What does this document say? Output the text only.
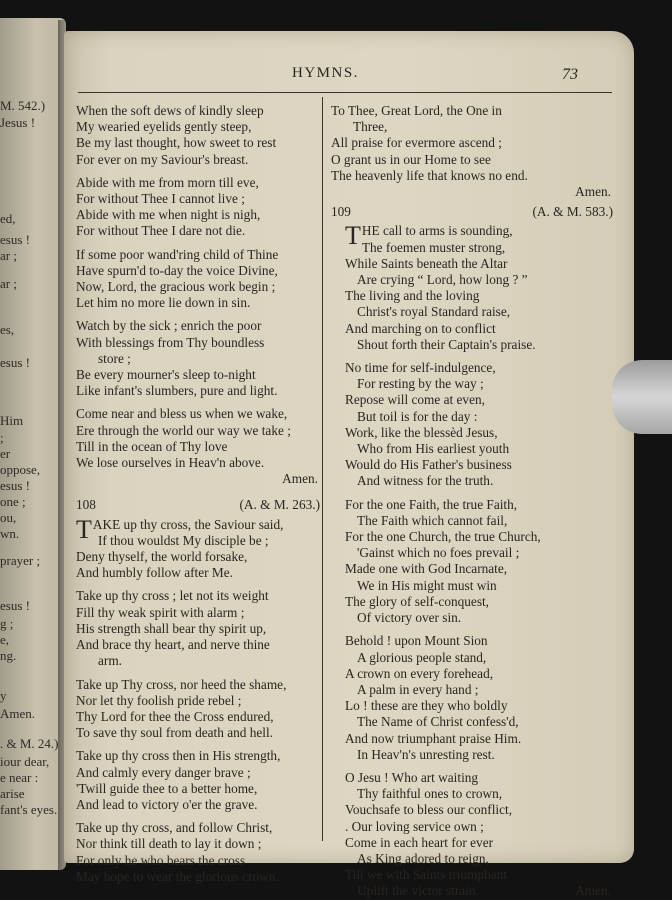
M. 542.)
Jesus !
ed,
esus !
ar ;
ar ;
es,
esus !
Him
;
er
oppose,
esus !
one ;
ou,
wn.
prayer ;
esus !
g ;
e,
ng.
y
Amen.
. & M. 24.)
iour dear,
e near :
arise
fant's eyes.
HYMNS.	73

When the soft dews of kindly sleep

My wearied eyelids gently steep,

Be my last thought, how sweet to rest

For ever on my Saviour's breast.

Abide with me from morn till eve,

For without Thee I cannot live ;

Abide with me when night is nigh,

For without Thee I dare not die.

If some poor wand'ring child of Thine

Have spurn'd to-day the voice Divine,

Now, Lord, the gracious work begin ;

Let him no more lie down in sin.

Watch by the sick ; enrich the poor

With blessings from Thy boundless

store ;

Be every mourner's sleep to-night

Like infant's slumbers, pure and light.

Come near and bless us when we wake,

Ere through the world our way we take ;

Till in the ocean of Thy love

We lose ourselves in Heav'n above.

Amen.

108	(A. & M. 263.)
T AKE up thy cross, the Saviour said,

If thou wouldst My disciple be ;

Deny thyself, the world forsake,

And humbly follow after Me.

Take up thy cross ; let not its weight

Fill thy weak spirit with alarm ;

His strength shall bear thy spirit up,

And brace thy heart, and nerve thine

arm.

Take up Thy cross, nor heed the shame,

Nor let thy foolish pride rebel ;

Thy Lord for thee the Cross endured,

To save thy soul from death and hell.

Take up thy cross then in His strength,

And calmly every danger brave ;

'Twill guide thee to a better home,

And lead to victory o'er the grave.

Take up thy cross, and follow Christ,

Nor think till death to lay it down ;

For only he who bears the cross

May hope to wear the glorious crown.

To Thee, Great Lord, the One in

Three,

All praise for evermore ascend ;

O grant us in our Home to see

The heavenly life that knows no end.

Amen.

109	(A. & M. 583.)
T HE call to arms is sounding,

The foemen muster strong,

While Saints beneath the Altar

Are crying “ Lord, how long ? ”

The living and the loving

Christ's royal Standard raise,

And marching on to conflict

Shout forth their Captain's praise.

No time for self-indulgence,

For resting by the way ;

Repose will come at even,

But toil is for the day :

Work, like the blessèd Jesus,

Who from His earliest youth

Would do His Father's business

And witness for the truth.

For the one Faith, the true Faith,

The Faith which cannot fail,

For the one Church, the true Church,

'Gainst which no foes prevail ;

Made one with God Incarnate,

We in His might must win

The glory of self-conquest,

Of victory over sin.

Behold ! upon Mount Sion

A glorious people stand,

A crown on every forehead,

A palm in every hand ;

Lo ! these are they who boldly

The Name of Christ confess'd,

And now triumphant praise Him.

In Heav'n's unresting rest.

O Jesu ! Who art waiting

Thy faithful ones to crown,

Vouchsafe to bless our conflict,

. Our loving service own ;

Come in each heart for ever

As King adored to reign,

Till we with Saints triumphant

Uplift the victor strain.	Amen.
